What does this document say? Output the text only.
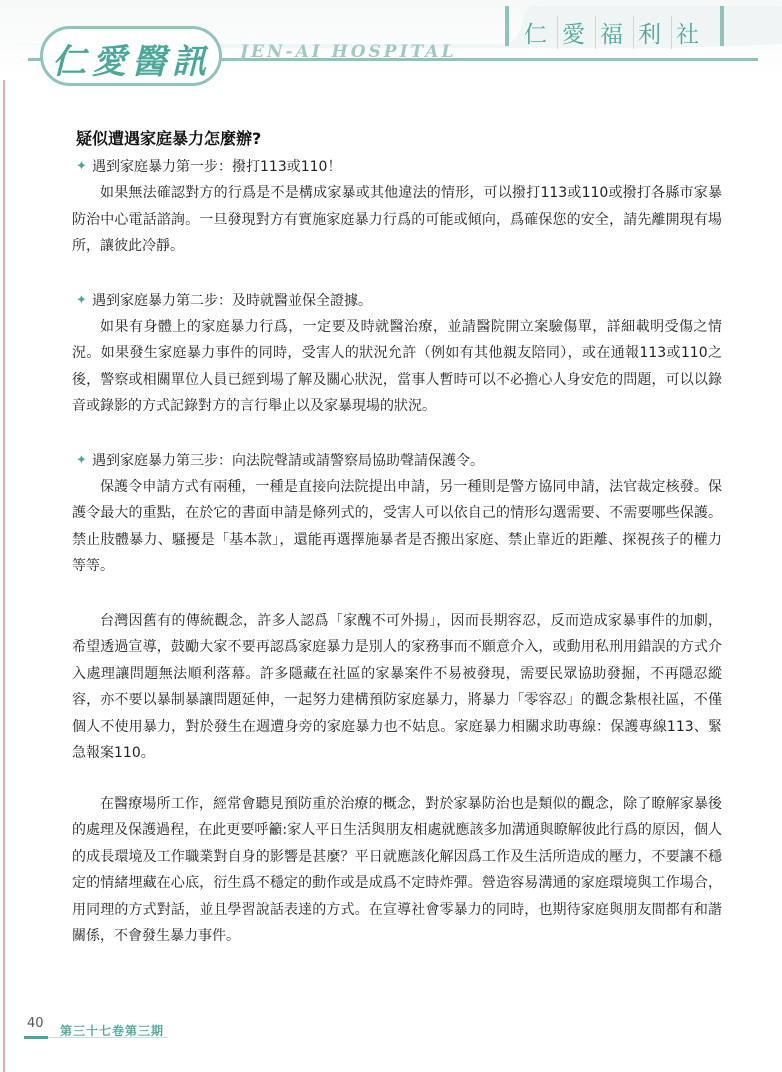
仁愛醫訊 JEN-AI HOSPITAL
仁 愛 福 利 社
疑似遭遇家庭暴力怎麼辦?
✦ 遇到家庭暴力第一步：撥打113或110！

如果無法確認對方的行爲是不是構成家暴或其他違法的情形，可以撥打113或110或撥打各縣市家暴防治中心電話諮詢。一旦發現對方有實施家庭暴力行爲的可能或傾向，爲確保您的安全，請先離開現有場所，讓彼此冷靜。

✦ 遇到家庭暴力第二步：及時就醫並保全證據。

如果有身體上的家庭暴力行爲，一定要及時就醫治療，並請醫院開立案驗傷單，詳細載明受傷之情況。如果發生家庭暴力事件的同時，受害人的狀況允許（例如有其他親友陪同），或在通報113或110之後，警察或相關單位人員已經到場了解及關心狀況，當事人暫時可以不必擔心人身安危的問題，可以以錄音或錄影的方式記錄對方的言行舉止以及家暴現場的狀況。

✦ 遇到家庭暴力第三步：向法院聲請或請警察局協助聲請保護令。

保護令申請方式有兩種，一種是直接向法院提出申請，另一種則是警方協同申請，法官裁定核發。保護令最大的重點，在於它的書面申請是條列式的，受害人可以依自己的情形勾選需要、不需要哪些保護。禁止肢體暴力、騷擾是「基本款」，還能再選擇施暴者是否搬出家庭、禁止靠近的距離、探視孩子的權力等等。

台灣因舊有的傳統觀念，許多人認爲「家醜不可外揚」，因而長期容忍，反而造成家暴事件的加劇，希望透過宣導，鼓勵大家不要再認爲家庭暴力是別人的家務事而不願意介入，或動用私刑用錯誤的方式介入處理讓問題無法順利落幕。許多隱藏在社區的家暴案件不易被發現，需要民眾協助發掘，不再隱忍縱容，亦不要以暴制暴讓問題延伸，一起努力建構預防家庭暴力，將暴力「零容忍」的觀念紮根社區，不僅個人不使用暴力，對於發生在週遭身旁的家庭暴力也不姑息。家庭暴力相關求助專線：保護專線113、緊急報案110。

在醫療場所工作，經常會聽見預防重於治療的概念，對於家暴防治也是類似的觀念，除了瞭解家暴後的處理及保護過程，在此更要呼籲:家人平日生活與朋友相處就應該多加溝通與瞭解彼此行爲的原因，個人的成長環境及工作職業對自身的影響是甚麼？平日就應該化解因爲工作及生活所造成的壓力，不要讓不穩定的情緒埋藏在心底，衍生爲不穩定的動作或是成爲不定時炸彈。營造容易溝通的家庭環境與工作場合，用同理的方式對話，並且學習說話表達的方式。在宣導社會零暴力的同時，也期待家庭與朋友間都有和諧關係，不會發生暴力事件。

40 第三十七卷第三期
